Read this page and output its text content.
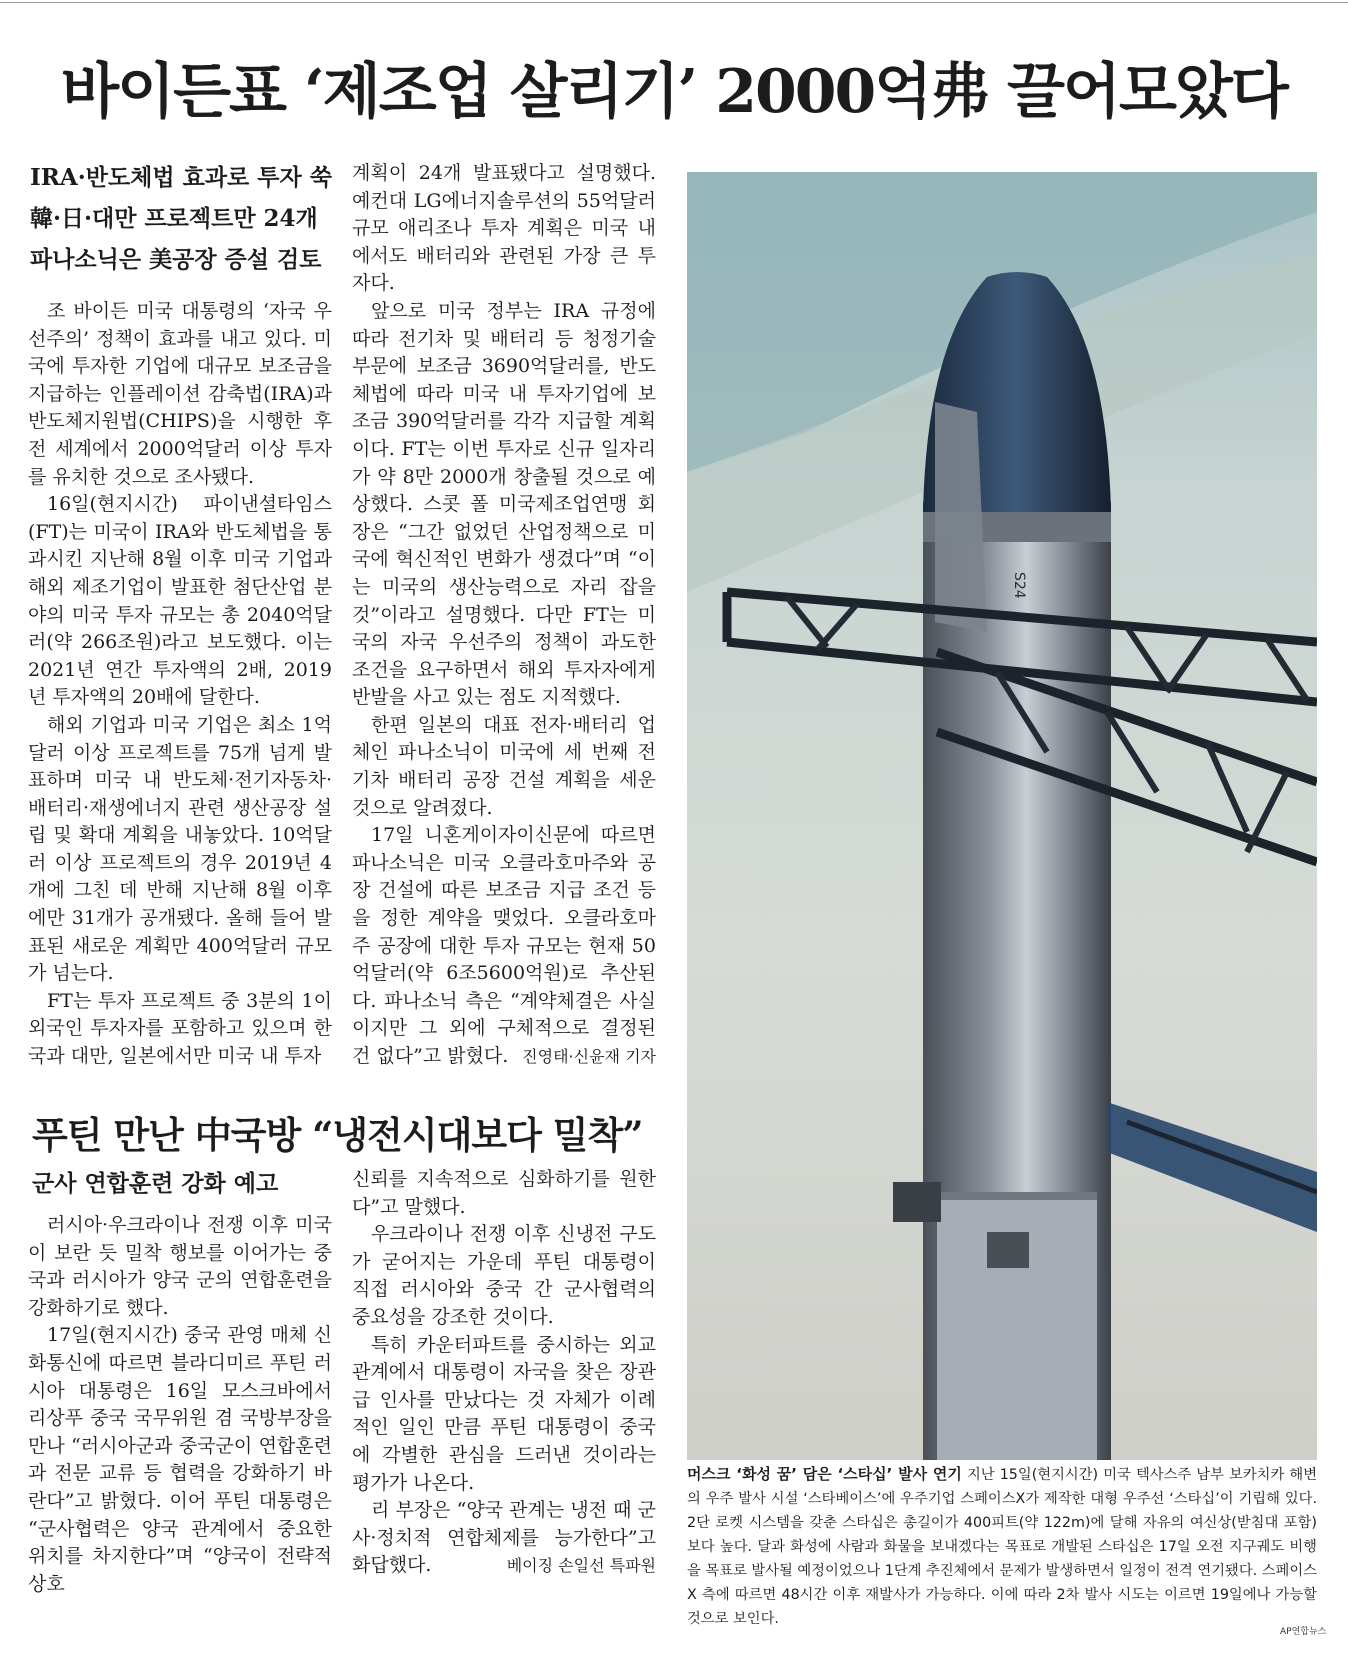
바이든표 ‘제조업 살리기’ 2000억弗 끌어모았다
IRA·반도체법 효과로 투자 쑥
韓·日·대만 프로젝트만 24개
파나소닉은 美공장 증설 검토

조 바이든 미국 대통령의 ‘자국 우선주의’ 정책이 효과를 내고 있다. 미국에 투자한 기업에 대규모 보조금을 지급하는 인플레이션 감축법(IRA)과 반도체지원법(CHIPS)을 시행한 후 전 세계에서 2000억달러 이상 투자를 유치한 것으로 조사됐다.

16일(현지시간) 파이낸셜타임스(FT)는 미국이 IRA와 반도체법을 통과시킨 지난해 8월 이후 미국 기업과 해외 제조기업이 발표한 첨단산업 분야의 미국 투자 규모는 총 2040억달러(약 266조원)라고 보도했다. 이는 2021년 연간 투자액의 2배, 2019년 투자액의 20배에 달한다.

해외 기업과 미국 기업은 최소 1억달러 이상 프로젝트를 75개 넘게 발표하며 미국 내 반도체·전기자동차·배터리·재생에너지 관련 생산공장 설립 및 확대 계획을 내놓았다. 10억달러 이상 프로젝트의 경우 2019년 4개에 그친 데 반해 지난해 8월 이후에만 31개가 공개됐다. 올해 들어 발표된 새로운 계획만 400억달러 규모가 넘는다.

FT는 투자 프로젝트 중 3분의 1이 외국인 투자자를 포함하고 있으며 한국과 대만, 일본에서만 미국 내 투자

계획이 24개 발표됐다고 설명했다. 예컨대 LG에너지솔루션의 55억달러 규모 애리조나 투자 계획은 미국 내에서도 배터리와 관련된 가장 큰 투자다.

앞으로 미국 정부는 IRA 규정에 따라 전기차 및 배터리 등 청정기술 부문에 보조금 3690억달러를, 반도체법에 따라 미국 내 투자기업에 보조금 390억달러를 각각 지급할 계획이다. FT는 이번 투자로 신규 일자리가 약 8만 2000개 창출될 것으로 예상했다. 스콧 폴 미국제조업연맹 회장은 “그간 없었던 산업정책으로 미국에 혁신적인 변화가 생겼다”며 “이는 미국의 생산능력으로 자리 잡을 것”이라고 설명했다. 다만 FT는 미국의 자국 우선주의 정책이 과도한 조건을 요구하면서 해외 투자자에게 반발을 사고 있는 점도 지적했다.

한편 일본의 대표 전자·배터리 업체인 파나소닉이 미국에 세 번째 전기차 배터리 공장 건설 계획을 세운 것으로 알려졌다.

17일 니혼게이자이신문에 따르면 파나소닉은 미국 오클라호마주와 공장 건설에 따른 보조금 지급 조건 등을 정한 계약을 맺었다. 오클라호마주 공장에 대한 투자 규모는 현재 50억달러(약 6조5600억원)로 추산된다. 파나소닉 측은 “계약체결은 사실이지만 그 외에 구체적으로 결정된 건 없다”고 밝혔다. 진영태·신윤재 기자
푸틴 만난 中국방 “냉전시대보다 밀착”
군사 연합훈련 강화 예고

러시아·우크라이나 전쟁 이후 미국이 보란 듯 밀착 행보를 이어가는 중국과 러시아가 양국 군의 연합훈련을 강화하기로 했다.

17일(현지시간) 중국 관영 매체 신화통신에 따르면 블라디미르 푸틴 러시아 대통령은 16일 모스크바에서 리상푸 중국 국무위원 겸 국방부장을 만나 “러시아군과 중국군이 연합훈련과 전문 교류 등 협력을 강화하기 바란다”고 밝혔다. 이어 푸틴 대통령은 “군사협력은 양국 관계에서 중요한 위치를 차지한다”며 “양국이 전략적 상호

신뢰를 지속적으로 심화하기를 원한다”고 말했다.

우크라이나 전쟁 이후 신냉전 구도가 굳어지는 가운데 푸틴 대통령이 직접 러시아와 중국 간 군사협력의 중요성을 강조한 것이다.

특히 카운터파트를 중시하는 외교관계에서 대통령이 자국을 찾은 장관급 인사를 만났다는 것 자체가 이례적인 일인 만큼 푸틴 대통령이 중국에 각별한 관심을 드러낸 것이라는 평가가 나온다.

리 부장은 “양국 관계는 냉전 때 군사·정치적 연합체제를 능가한다”고 화답했다.	베이징 손일선 특파원
S24
머스크 ‘화성 꿈’ 담은 ‘스타십’ 발사 연기 지난 15일(현지시간) 미국 텍사스주 남부 보카치카 해변의 우주 발사 시설 ‘스타베이스’에 우주기업 스페이스X가 제작한 대형 우주선 ‘스타십’이 기립해 있다. 2단 로켓 시스템을 갖춘 스타십은 총길이가 400피트(약 122m)에 달해 자유의 여신상(받침대 포함)보다 높다. 달과 화성에 사람과 화물을 보내겠다는 목표로 개발된 스타십은 17일 오전 지구궤도 비행을 목표로 발사될 예정이었으나 1단계 추진체에서 문제가 발생하면서 일정이 전격 연기됐다. 스페이스X 측에 따르면 48시간 이후 재발사가 가능하다. 이에 따라 2차 발사 시도는 이르면 19일에나 가능할 것으로 보인다.
AP연합뉴스
